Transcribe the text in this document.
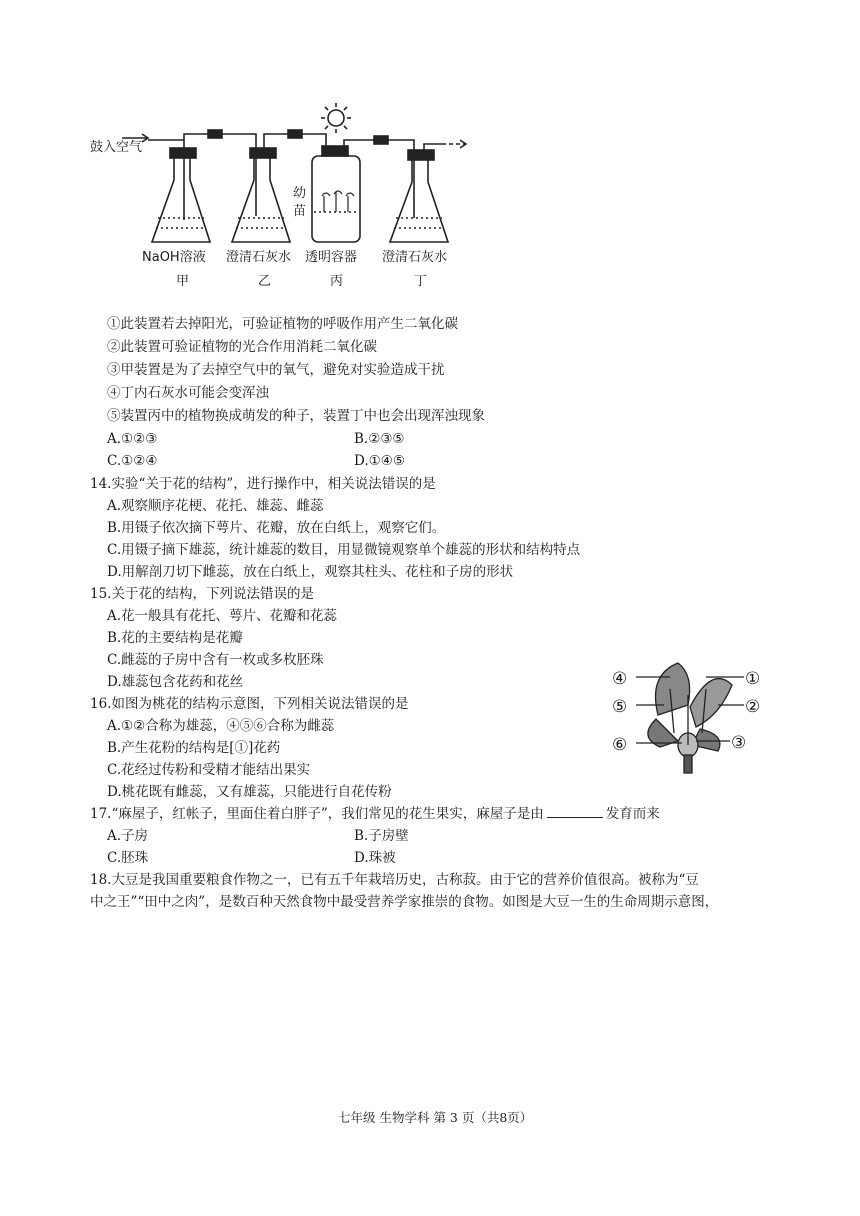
鼓入空气
幼
苗
NaOH溶液 澄清石灰水 透明容器 澄清石灰水
甲	乙	丙	丁
①此装置若去掉阳光，可验证植物的呼吸作用产生二氧化碳
②此装置可验证植物的光合作用消耗二氧化碳
③甲装置是为了去掉空气中的氧气，避免对实验造成干扰
④丁内石灰水可能会变浑浊
⑤装置丙中的植物换成萌发的种子，装置丁中也会出现浑浊现象
A.①②③	B.②③⑤
C.①②④	D.①④⑤
14.实验“关于花的结构”，进行操作中，相关说法错误的是
A.观察顺序花梗、花托、雄蕊、雌蕊
B.用镊子依次摘下萼片、花瓣，放在白纸上，观察它们。
C.用镊子摘下雄蕊，统计雄蕊的数目，用显微镜观察单个雄蕊的形状和结构特点
D.用解剖刀切下雌蕊，放在白纸上，观察其柱头、花柱和子房的形状
15.关于花的结构，下列说法错误的是
A.花一般具有花托、萼片、花瓣和花蕊
B.花的主要结构是花瓣
C.雌蕊的子房中含有一枚或多枚胚珠
D.雄蕊包含花药和花丝	④	①
⑤	②
⑥	③
16.如图为桃花的结构示意图，下列相关说法错误的是
A.①②合称为雄蕊，④⑤⑥合称为雌蕊
B.产生花粉的结构是[①]花药
C.花经过传粉和受精才能结出果实
D.桃花既有雌蕊，又有雄蕊，只能进行自花传粉
17.“麻屋子，红帐子，里面住着白胖子”，我们常见的花生果实，麻屋子是由	发育而来
A.子房	B.子房壁
C.胚珠	D.珠被
18.大豆是我国重要粮食作物之一，已有五千年栽培历史，古称菽。由于它的营养价值很高。被称为“豆
中之王”“田中之肉”，是数百种天然食物中最受营养学家推崇的食物。如图是大豆一生的生命周期示意图，
七年级 生物学科 第 3 页（共8页）
